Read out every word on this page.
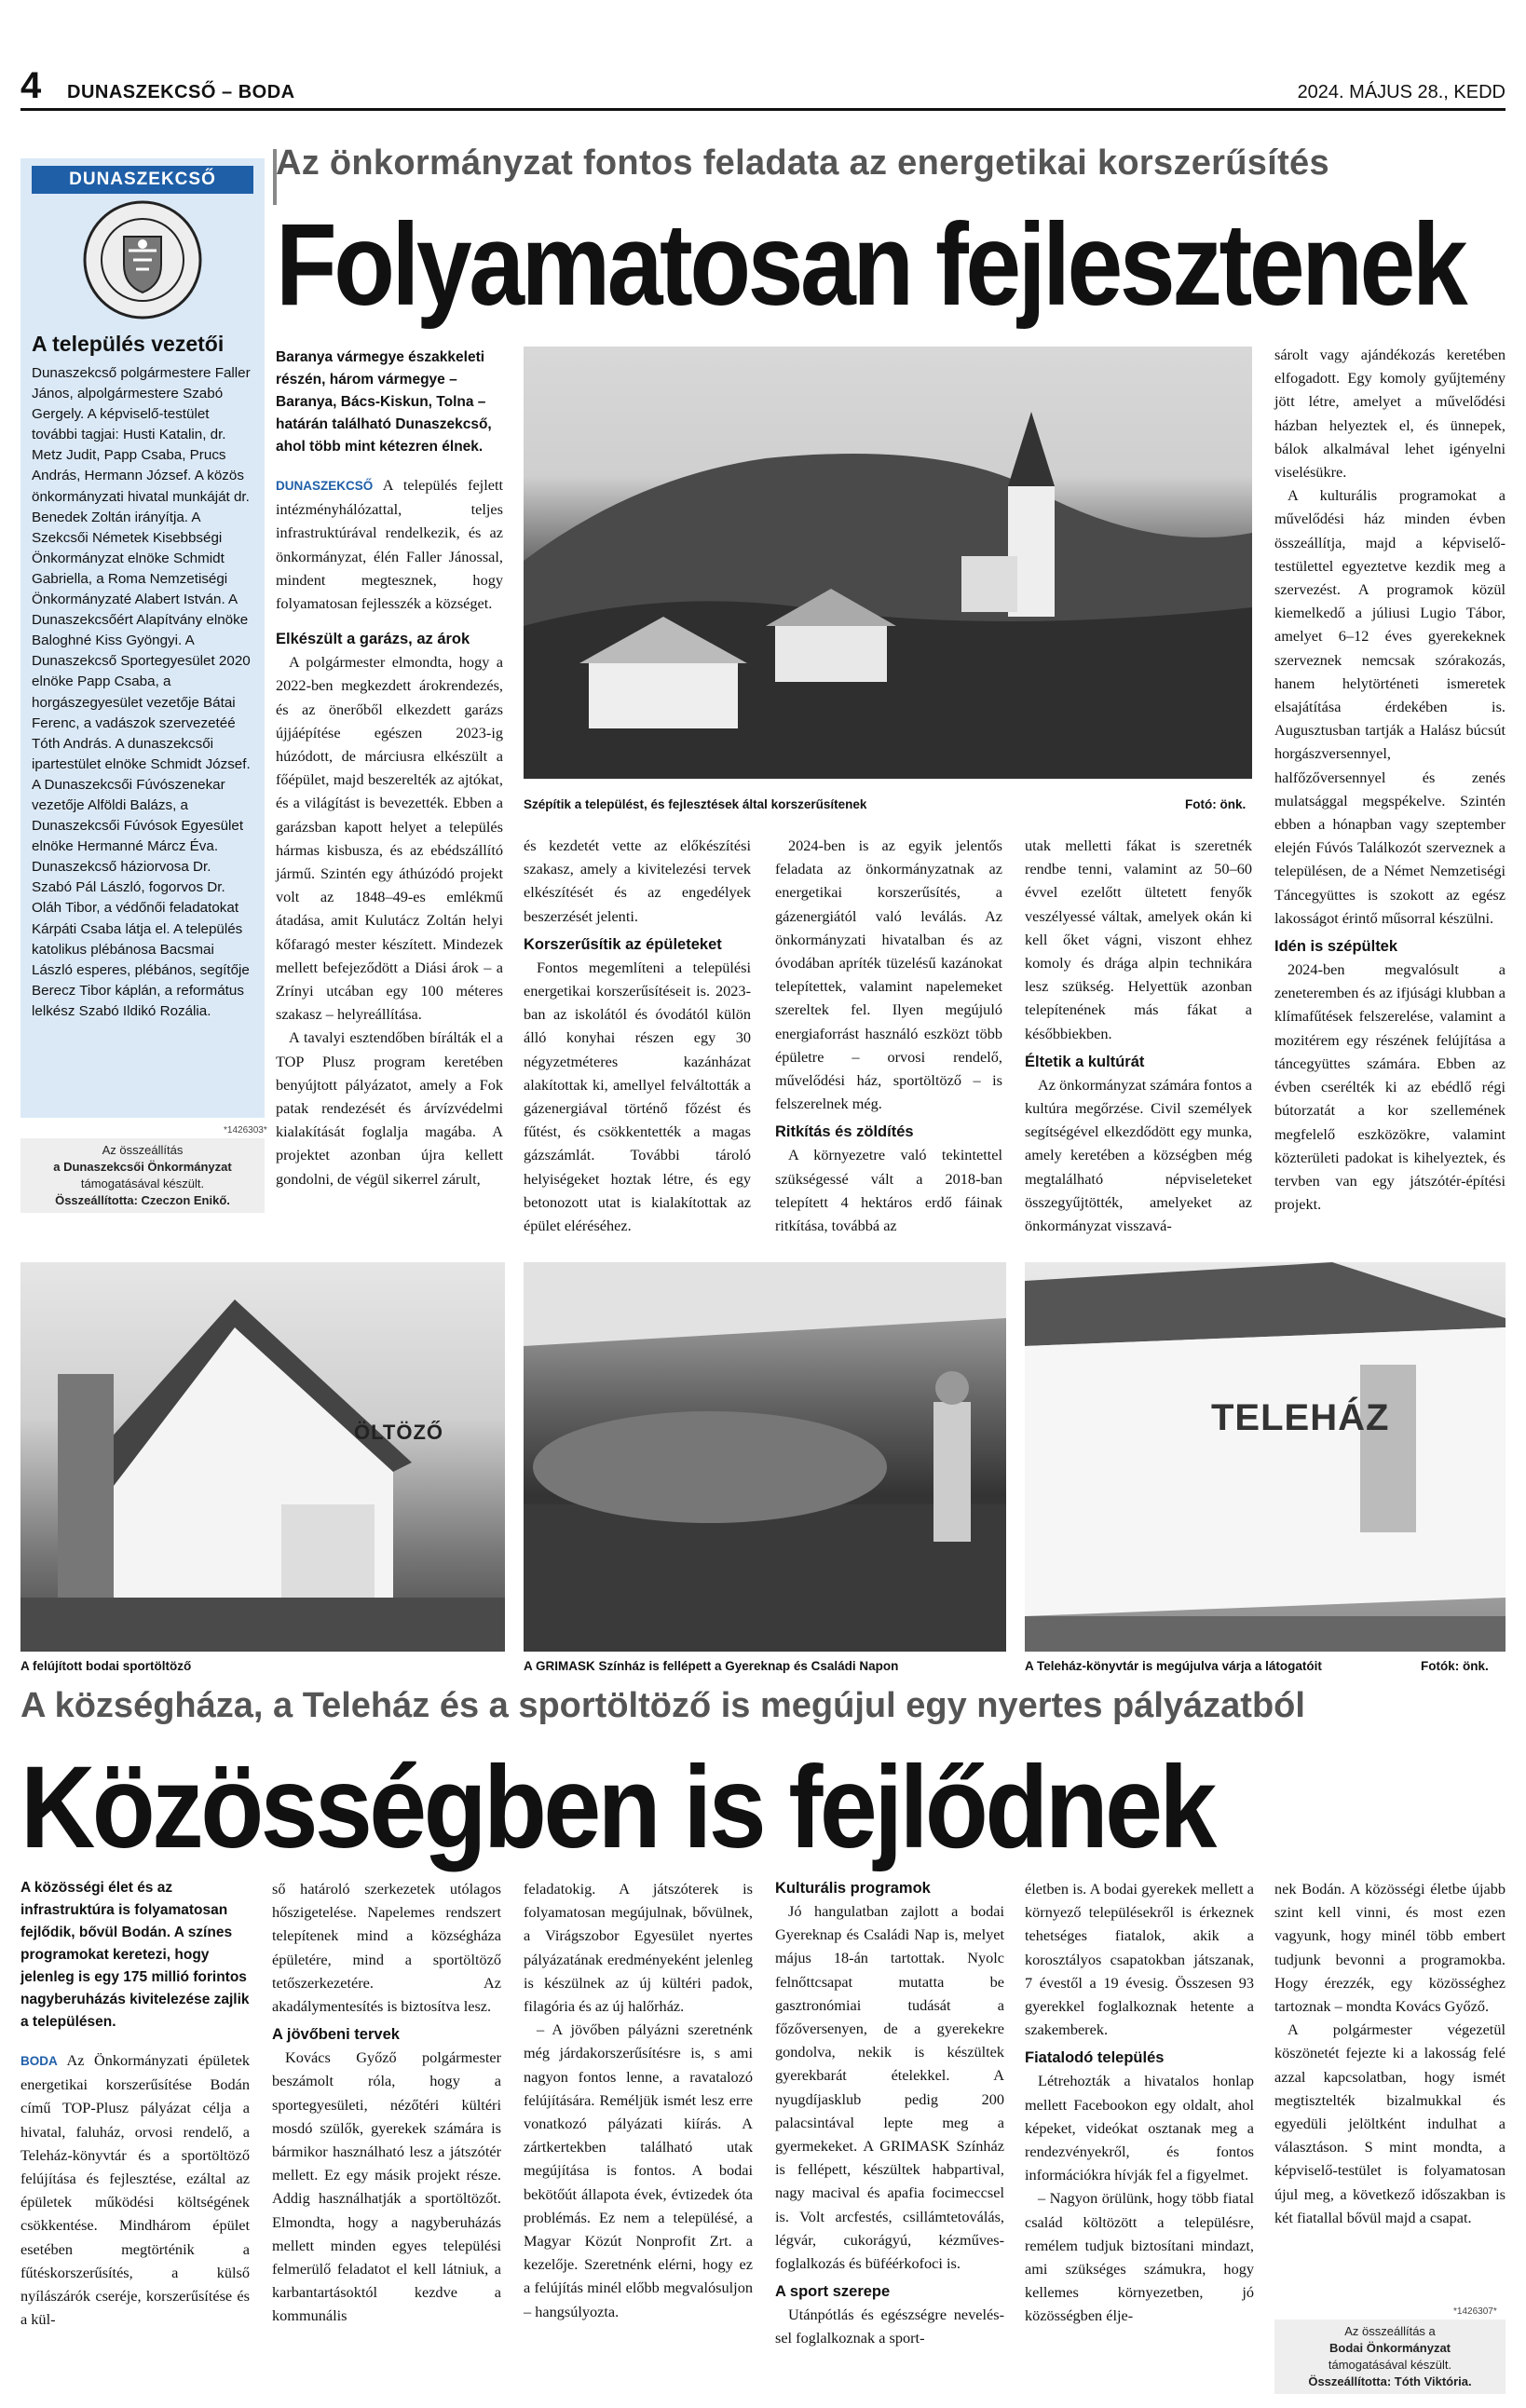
4 DUNASZEKCSŐ – BODA	2024. MÁJUS 28., KEDD
DUNASZEKCSŐ
A település vezetői

Dunaszekcső polgármestere Faller János, alpolgármestere Szabó Gergely. A képviselő-testület további tagjai: Husti Katalin, dr. Metz Judit, Papp Csaba, Prucs András, Hermann József. A közös önkormányzati hivatal munkáját dr. Benedek Zoltán irányítja. A Szekcsői Németek Kisebbségi Önkormányzat elnöke Schmidt Gabriella, a Roma Nemzetiségi Önkormányzaté Alabert István. A Dunaszekcsőért Alapítvány elnöke Baloghné Kiss Gyöngyi. A Dunaszekcső Sportegyesület 2020 elnöke Papp Csaba, a horgászegyesület vezetője Bátai Ferenc, a vadászok szervezetéé Tóth András. A dunaszekcsői ipartestület elnöke Schmidt József. A Dunaszekcsői Fúvószenekar vezetője Alföldi Balázs, a Dunaszekcsői Fúvósok Egyesület elnöke Hermanné Márcz Éva. Dunaszekcső háziorvosa Dr. Szabó Pál László, fogorvos Dr. Oláh Tibor, a védőnői feladatokat Kárpáti Csaba látja el. A település katolikus plébánosa Bacsmai László esperes, plébános, segítője Berecz Tibor káplán, a református lelkész Szabó Ildikó Rozália.

*1426303*
Az összeállítás
a Dunaszekcsői Önkormányzat
támogatásával készült.
Összeállította: Czeczon Enikő.
Az önkormányzat fontos feladata az energetikai korszerűsítés
Folyamatosan fejlesztenek

Baranya vármegye északkeleti részén, három vármegye – Baranya, Bács-Kiskun, Tolna – határán található Dunaszekcső, ahol több mint kétezren élnek.

DUNASZEKCSŐ A település fejlett intézményhálózattal, teljes infrastruktúrával rendelkezik, és az önkormányzat, élén Faller Jánossal, mindent megtesznek, hogy folyamatosan fejlesszék a községet.

Elkészült a garázs, az árok

A polgármester elmondta, hogy a 2022-ben megkezdett árokrendezés, és az önerőből elkezdett garázs újjáépítése egészen 2023-ig húzódott, de márciusra elkészült a főépület, majd beszerelték az ajtókat, és a világítást is bevezették. Ebben a garázsban kapott helyet a település hármas kisbusza, és az ebédszállító jármű. Szintén egy áthúzódó projekt volt az 1848–49-es emlékmű átadása, amit Kulutácz Zoltán helyi kőfaragó mester készített. Mindezek mellett befejeződött a Diási árok – a Zrínyi utcában egy 100 méteres szakasz – helyreállítása.

A tavalyi esztendőben bírálták el a TOP Plusz program keretében benyújtott pályázatot, amely a Fok patak rendezését és árvízvédelmi kialakítását foglalja magába. A projektet azonban újra kellett gondolni, de végül sikerrel zárult,

Szépítik a települést, és fejlesztések által korszerűsítenek	Fotó: önk.

és kezdetét vette az előkészítési szakasz, amely a kivitelezési tervek elkészítését és az engedélyek beszerzését jelenti.

Korszerűsítik az épületeket

Fontos megemlíteni a települési energetikai korszerűsítéseit is. 2023-ban az iskolától és óvodától külön álló konyhai részen egy 30 négyzetméteres kazánházat alakítottak ki, amellyel felváltották a gázenergiával történő főzést és fűtést, és csökkentették a magas gázszámlát. További tároló helyiségeket hoztak létre, és egy betonozott utat is kialakítottak az épület eléréséhez.

2024-ben is az egyik jelentős feladata az önkormányzatnak az energetikai korszerűsítés, a gázenergiától való leválás. Az önkormányzati hivatalban és az óvodában apríték tüzelésű kazánokat telepítettek, valamint napelemeket szereltek fel. Ilyen megújuló energiaforrást használó eszközt több épületre – orvosi rendelő, művelődési ház, sportöltöző – is felszerelnek még.

Ritkítás és zöldítés

A környezetre való tekintettel szükségessé vált a 2018-ban telepített 4 hektáros erdő fáinak ritkítása, továbbá az

utak melletti fákat is szeretnék rendbe tenni, valamint az 50–60 évvel ezelőtt ültetett fenyők veszélyessé váltak, amelyek okán ki kell őket vágni, viszont ehhez komoly és drága alpin technikára lesz szükség. Helyettük azonban telepítenének más fákat a későbbiekben.

Éltetik a kultúrát

Az önkormányzat számára fontos a kultúra megőrzése. Civil személyek segítségével elkezdődött egy munka, amely keretében a községben még megtalálható népviseleteket összegyűjtötték, amelyeket az önkormányzat visszavá-

sárolt vagy ajándékozás keretében elfogadott. Egy komoly gyűjtemény jött létre, amelyet a művelődési házban helyeztek el, és ünnepek, bálok alkalmával lehet igényelni viselésükre.

A kulturális programokat a művelődési ház minden évben összeállítja, majd a képviselő-testülettel egyeztetve kezdik meg a szervezést. A programok közül kiemelkedő a júliusi Lugio Tábor, amelyet 6–12 éves gyerekeknek szerveznek nemcsak szórakozás, hanem helytörténeti ismeretek elsajátítása érdekében is. Augusztusban tartják a Halász búcsút horgászversennyel, halfőzőversennyel és zenés mulatsággal megspékelve. Szintén ebben a hónapban vagy szeptember elején Fúvós Találkozót szerveznek a településen, de a Német Nemzetiségi Táncegyüttes is szokott az egész lakosságot érintő műsorral készülni.

Idén is szépültek

2024-ben megvalósult a zeneteremben és az ifjúsági klubban a klímafűtések felszerelése, valamint a mozitérem egy részének felújítása a táncegyüttes számára. Ebben az évben cserélték ki az ebédlő régi bútorzatát a kor szellemének megfelelő eszközökre, valamint közterületi padokat is kihelyeztek, és tervben van egy játszótér-építési projekt.

ÖLTÖZŐ	TELEHÁZ
A felújított bodai sportöltöző	A GRIMASK Színház is fellépett a Gyereknap és Családi Napon	A Teleház-könyvtár is megújulva várja a látogatóit	Fotók: önk.
A községháza, a Teleház és a sportöltöző is megújul egy nyertes pályázatból
Közösségben is fejlődnek

A közösségi élet és az infrastruktúra is folyamatosan fejlődik, bővül Bodán. A színes programokat keretezi, hogy jelenleg is egy 175 millió forintos nagyberuházás kivitelezése zajlik a településen.

BODA Az Önkormányzati épületek energetikai korszerűsítése Bodán című TOP-Plusz pályázat célja a hivatal, faluház, orvosi rendelő, a Teleház-könyvtár és a sportöltöző felújítása és fejlesztése, ezáltal az épületek működési költségének csökkentése. Mindhárom épület esetében megtörténik a fűtéskorszerűsítés, a külső nyílászárók cseréje, korszerűsítése és a kül-

ső határoló szerkezetek utólagos hőszigetelése. Napelemes rendszert telepítenek mind a községháza épületére, mind a sportöltöző tetőszerkezetére. Az akadálymentesítés is biztosítva lesz.

A jövőbeni tervek

Kovács Győző polgármester beszámolt róla, hogy a sportegyesületi, nézőtéri kültéri mosdó szülők, gyerekek számára is bármikor használható lesz a játszótér mellett. Ez egy másik projekt része. Addig használhatják a sportöltözőt. Elmondta, hogy a nagyberuházás mellett minden egyes települési felmerülő feladatot el kell látniuk, a karbantartásoktól kezdve a kommunális

feladatokig. A játszóterek is folyamatosan megújulnak, bővülnek, a Virágszobor Egyesület nyertes pályázatának eredményeként jelenleg is készülnek az új kültéri padok, filagória és az új halőrház.

– A jövőben pályázni szeretnénk még járdakorszerűsítésre is, s ami nagyon fontos lenne, a ravatalozó felújítására. Reméljük ismét lesz erre vonatkozó pályázati kiírás. A zártkertekben található utak megújítása is fontos. A bodai bekötőút állapota évek, évtizedek óta problémás. Ez nem a településé, a Magyar Közút Nonprofit Zrt. a kezelője. Szeretnénk elérni, hogy ez a felújítás minél előbb megvalósuljon – hangsúlyozta.

Kulturális programok

Jó hangulatban zajlott a bodai Gyereknap és Családi Nap is, melyet május 18-án tartottak. Nyolc felnőttcsapat mutatta be gasztronómiai tudását a főzőversenyen, de a gyerekekre gondolva, nekik is készültek gyerekbarát ételekkel. A nyugdíjasklub pedig 200 palacsintával lepte meg a gyermekeket. A GRIMASK Színház is fellépett, készültek habpartival, nagy macival és apafia focimeccsel is. Volt arcfestés, csillámtetoválás, légvár, cukorágyú, kézműves-foglalkozás és büféérkofoci is.

A sport szerepe

Utánpótlás és egészségre neveléssel foglalkoznak a sport-

életben is. A bodai gyerekek mellett a környező településekről is érkeznek tehetséges fiatalok, akik a korosztályos csapatokban játszanak, 7 évestől a 19 évesig. Összesen 93 gyerekkel foglalkoznak hetente a szakemberek.

Fiatalodó település

Létrehozták a hivatalos honlap mellett Facebookon egy oldalt, ahol képeket, videókat osztanak meg a rendezvényekről, és fontos információkra hívják fel a figyelmet.

– Nagyon örülünk, hogy több fiatal család költözött a településre, remélem tudjuk biztosítani mindazt, ami szükséges számukra, hogy kellemes környezetben, jó közösségben élje-

nek Bodán. A közösségi életbe újabb szint kell vinni, és most ezen vagyunk, hogy minél több embert tudjunk bevonni a programokba. Hogy érezzék, egy közösséghez tartoznak – mondta Kovács Győző.

A polgármester végezetül köszönetét fejezte ki a lakosság felé azzal kapcsolatban, hogy ismét megtisztelték bizalmukkal és egyedüli jelöltként indulhat a választáson. S mint mondta, a képviselő-testület is folyamatosan újul meg, a következő időszakban is két fiatallal bővül majd a csapat.

*1426307*
Az összeállítás a
Bodai Önkormányzat
támogatásával készült.
Összeállította: Tóth Viktória.
